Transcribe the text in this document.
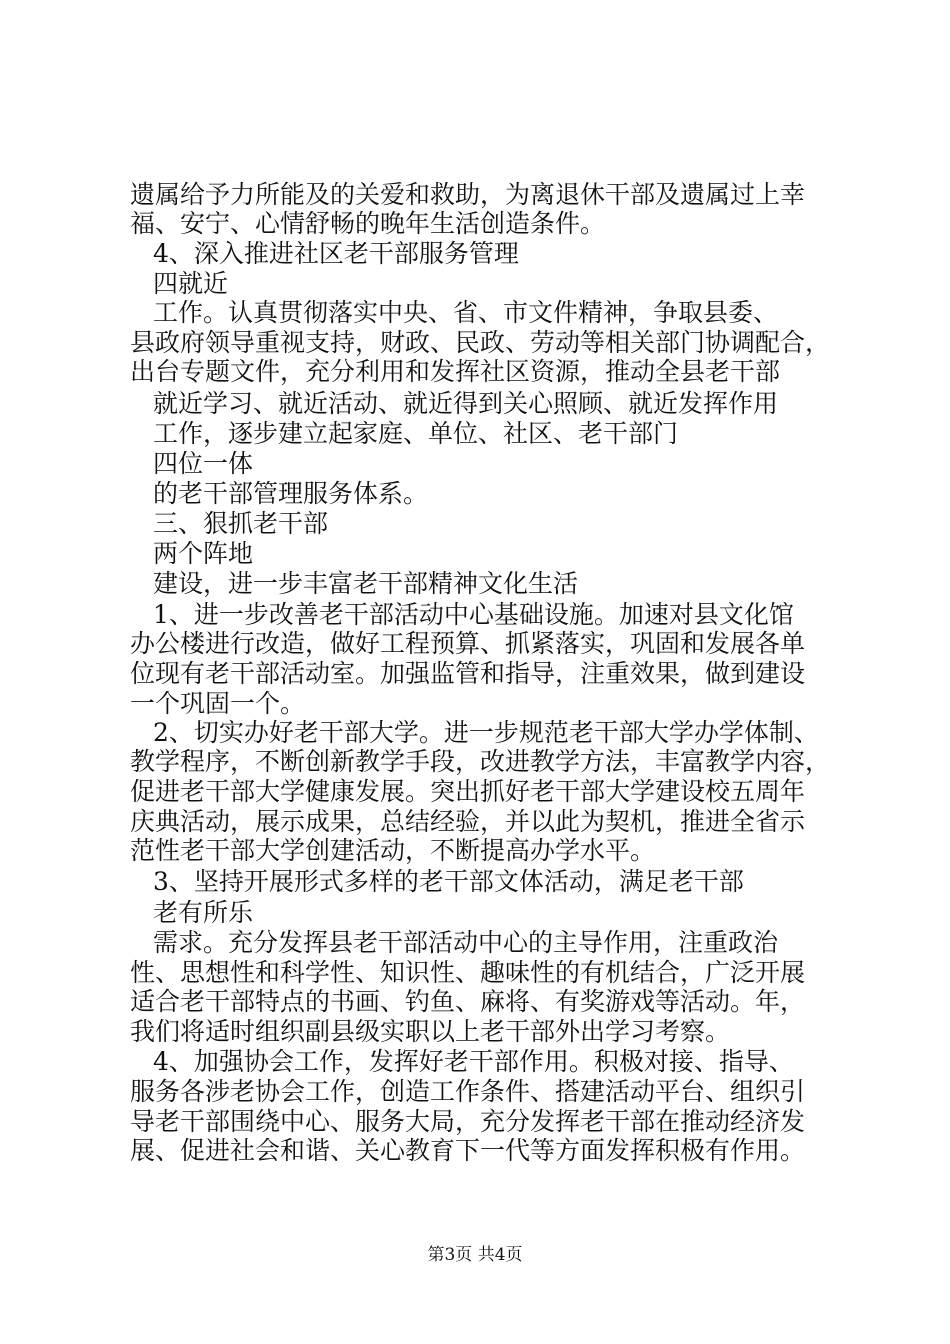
遗属给予力所能及的关爱和救助，为离退休干部及遗属过上幸

福、安宁、心情舒畅的晚年生活创造条件。

4、深入推进社区老干部服务管理

四就近

工作。认真贯彻落实中央、省、市文件精神，争取县委、

县政府领导重视支持，财政、民政、劳动等相关部门协调配合，

出台专题文件，充分利用和发挥社区资源，推动全县老干部

就近学习、就近活动、就近得到关心照顾、就近发挥作用

工作，逐步建立起家庭、单位、社区、老干部门

四位一体

的老干部管理服务体系。

三、狠抓老干部

两个阵地

建设，进一步丰富老干部精神文化生活

1、进一步改善老干部活动中心基础设施。加速对县文化馆

办公楼进行改造，做好工程预算、抓紧落实，巩固和发展各单

位现有老干部活动室。加强监管和指导，注重效果，做到建设

一个巩固一个。

2、切实办好老干部大学。进一步规范老干部大学办学体制、

教学程序，不断创新教学手段，改进教学方法，丰富教学内容，

促进老干部大学健康发展。突出抓好老干部大学建设校五周年

庆典活动，展示成果，总结经验，并以此为契机，推进全省示

范性老干部大学创建活动，不断提高办学水平。

3、坚持开展形式多样的老干部文体活动，满足老干部

老有所乐

需求。充分发挥县老干部活动中心的主导作用，注重政治

性、思想性和科学性、知识性、趣味性的有机结合，广泛开展

适合老干部特点的书画、钓鱼、麻将、有奖游戏等活动。年，

我们将适时组织副县级实职以上老干部外出学习考察。

4、加强协会工作，发挥好老干部作用。积极对接、指导、

服务各涉老协会工作，创造工作条件、搭建活动平台、组织引

导老干部围绕中心、服务大局，充分发挥老干部在推动经济发

展、促进社会和谐、关心教育下一代等方面发挥积极有作用。

第3页 共4页
